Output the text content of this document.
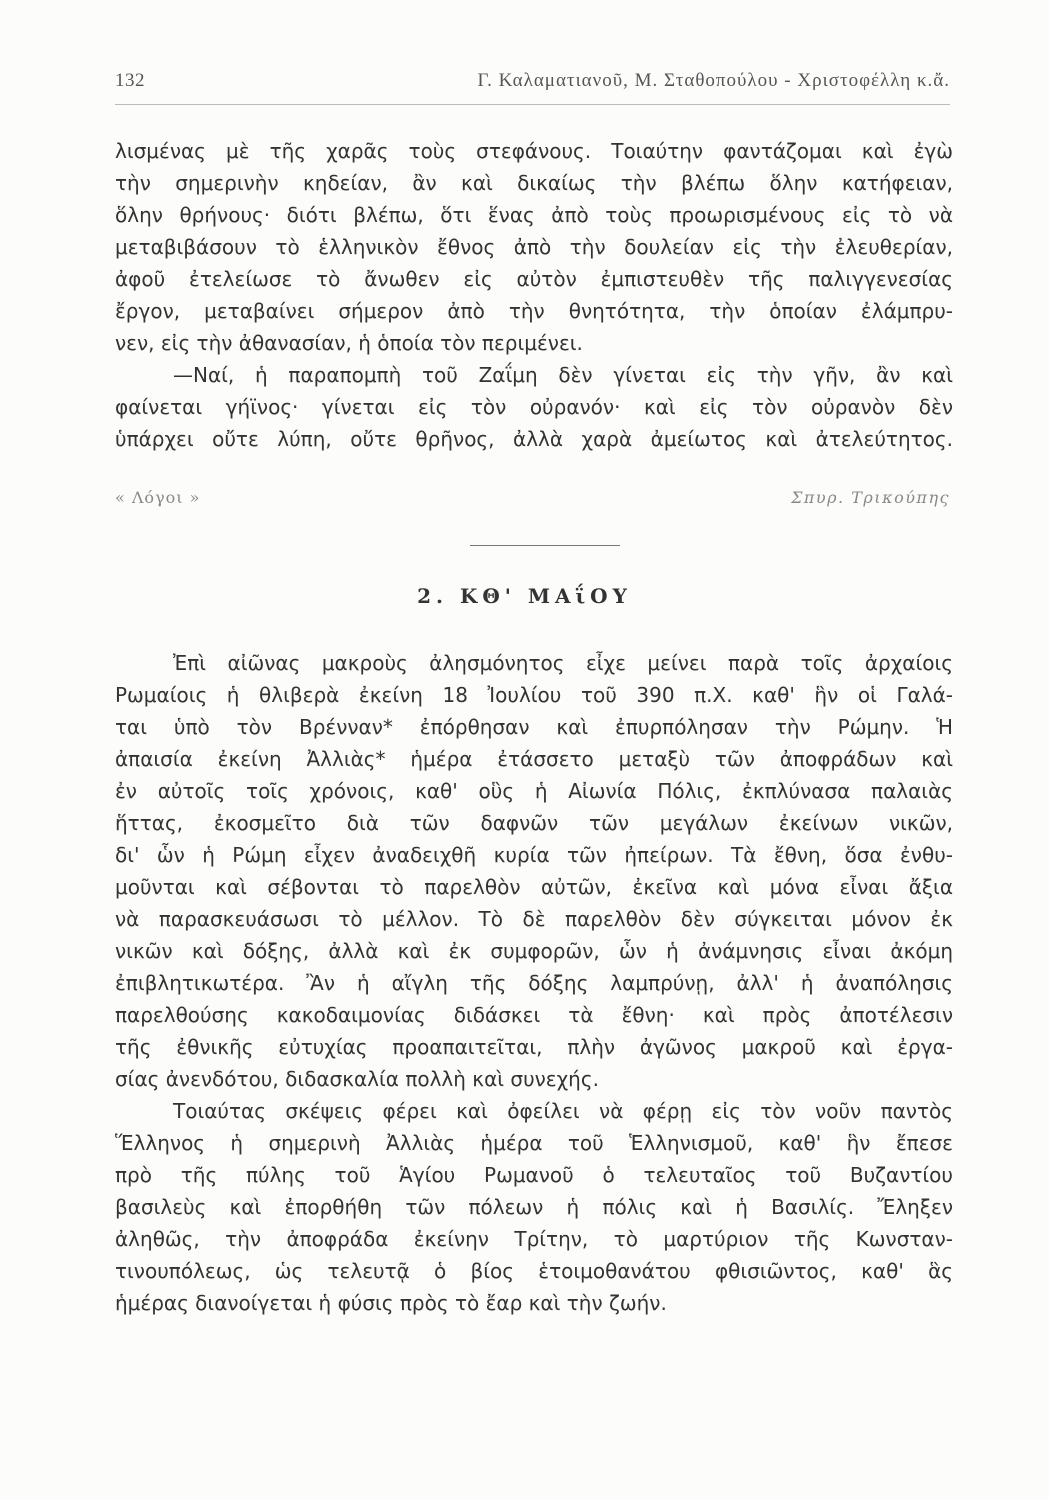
132	Γ. Καλαματιανοῦ, Μ. Σταθοπούλου - Χριστοφέλλη κ.ἄ.
λισμένας μὲ τῆς χαρᾶς τοὺς στεφάνους. Τοιαύτην φαντάζομαι καὶ ἐγὼ
τὴν σημερινὴν κηδείαν, ἂν καὶ δικαίως τὴν βλέπω ὅλην κατήφειαν,
ὅλην θρήνους· διότι βλέπω, ὅτι ἕνας ἀπὸ τοὺς προωρισμένους εἰς τὸ νὰ
μεταβιβάσουν τὸ ἑλληνικὸν ἔθνος ἀπὸ τὴν δουλείαν εἰς τὴν ἐλευθερίαν,
ἀφοῦ ἐτελείωσε τὸ ἄνωθεν εἰς αὐτὸν ἐμπιστευθὲν τῆς παλιγγενεσίας
ἔργον, μεταβαίνει σήμερον ἀπὸ τὴν θνητότητα, τὴν ὁποίαν ἐλάμπρυ-
νεν, εἰς τὴν ἀθανασίαν, ἡ ὁποία τὸν περιμένει.
—Ναί, ἡ παραπομπὴ τοῦ Ζαΐμη δὲν γίνεται εἰς τὴν γῆν, ἂν καὶ
φαίνεται γήϊνος· γίνεται εἰς τὸν οὐρανόν· καὶ εἰς τὸν οὐρανὸν δὲν
ὑπάρχει οὔτε λύπη, οὔτε θρῆνος, ἀλλὰ χαρὰ ἀμείωτος καὶ ἀτελεύτητος.
« Λόγοι »	Σπυρ. Τρικούπης
2. ΚΘ' ΜΑΐΟΥ
Ἐπὶ αἰῶνας μακροὺς ἀλησμόνητος εἶχε μείνει παρὰ τοῖς ἀρχαίοις
Ρωμαίοις ἡ θλιβερὰ ἐκείνη 18 Ἰουλίου τοῦ 390 π.Χ. καθ' ἣν οἱ Γαλά-
ται ὑπὸ τὸν Βρένναν* ἐπόρθησαν καὶ ἐπυρπόλησαν τὴν Ρώμην. Ἡ
ἀπαισία ἐκείνη Ἀλλιὰς* ἡμέρα ἐτάσσετο μεταξὺ τῶν ἀποφράδων καὶ
ἐν αὐτοῖς τοῖς χρόνοις, καθ' οὓς ἡ Αἰωνία Πόλις, ἐκπλύνασα παλαιὰς
ἥττας, ἐκοσμεῖτο διὰ τῶν δαφνῶν τῶν μεγάλων ἐκείνων νικῶν,
δι' ὧν ἡ Ρώμη εἶχεν ἀναδειχθῆ κυρία τῶν ἠπείρων. Τὰ ἔθνη, ὅσα ἐνθυ-
μοῦνται καὶ σέβονται τὸ παρελθὸν αὐτῶν, ἐκεῖνα καὶ μόνα εἶναι ἄξια
νὰ παρασκευάσωσι τὸ μέλλον. Τὸ δὲ παρελθὸν δὲν σύγκειται μόνον ἐκ
νικῶν καὶ δόξης, ἀλλὰ καὶ ἐκ συμφορῶν, ὧν ἡ ἀνάμνησις εἶναι ἀκόμη
ἐπιβλητικωτέρα. Ἂν ἡ αἴγλη τῆς δόξης λαμπρύνῃ, ἀλλ' ἡ ἀναπόλησις
παρελθούσης κακοδαιμονίας διδάσκει τὰ ἔθνη· καὶ πρὸς ἀποτέλεσιν
τῆς ἐθνικῆς εὐτυχίας προαπαιτεῖται, πλὴν ἀγῶνος μακροῦ καὶ ἐργα-
σίας ἀνενδότου, διδασκαλία πολλὴ καὶ συνεχής.
Τοιαύτας σκέψεις φέρει καὶ ὀφείλει νὰ φέρῃ εἰς τὸν νοῦν παντὸς
Ἕλληνος ἡ σημερινὴ Ἀλλιὰς ἡμέρα τοῦ Ἑλληνισμοῦ, καθ' ἣν ἔπεσε
πρὸ τῆς πύλης τοῦ Ἁγίου Ρωμανοῦ ὁ τελευταῖος τοῦ Βυζαντίου
βασιλεὺς καὶ ἐπορθήθη τῶν πόλεων ἡ πόλις καὶ ἡ Βασιλίς. Ἔληξεν
ἀληθῶς, τὴν ἀποφράδα ἐκείνην Τρίτην, τὸ μαρτύριον τῆς Κωνσταν-
τινουπόλεως, ὡς τελευτᾷ ὁ βίος ἑτοιμοθανάτου φθισιῶντος, καθ' ἃς
ἡμέρας διανοίγεται ἡ φύσις πρὸς τὸ ἔαρ καὶ τὴν ζωήν.
